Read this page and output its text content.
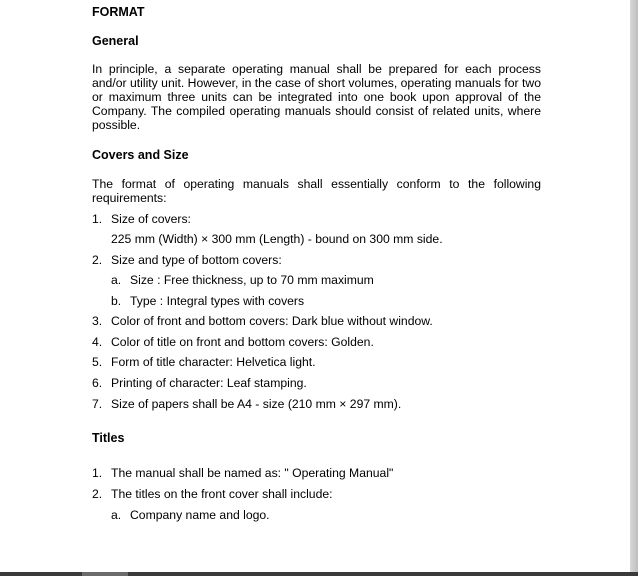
FORMAT
General
In principle, a separate operating manual shall be prepared for each process and/or utility unit. However, in the case of short volumes, operating manuals for two or maximum three units can be integrated into one book upon approval of the Company. The compiled operating manuals should consist of related units, where possible.
Covers and Size
The format of operating manuals shall essentially conform to the following requirements:
1. Size of covers:
225 mm (Width) × 300 mm (Length) - bound on 300 mm side.
2. Size and type of bottom covers:
a. Size : Free thickness, up to 70 mm maximum
b. Type : Integral types with covers
3. Color of front and bottom covers: Dark blue without window.
4. Color of title on front and bottom covers: Golden.
5. Form of title character: Helvetica light.
6. Printing of character: Leaf stamping.
7. Size of papers shall be A4 - size (210 mm × 297 mm).
Titles
1. The manual shall be named as: " Operating Manual"
2. The titles on the front cover shall include:
a. Company name and logo.
